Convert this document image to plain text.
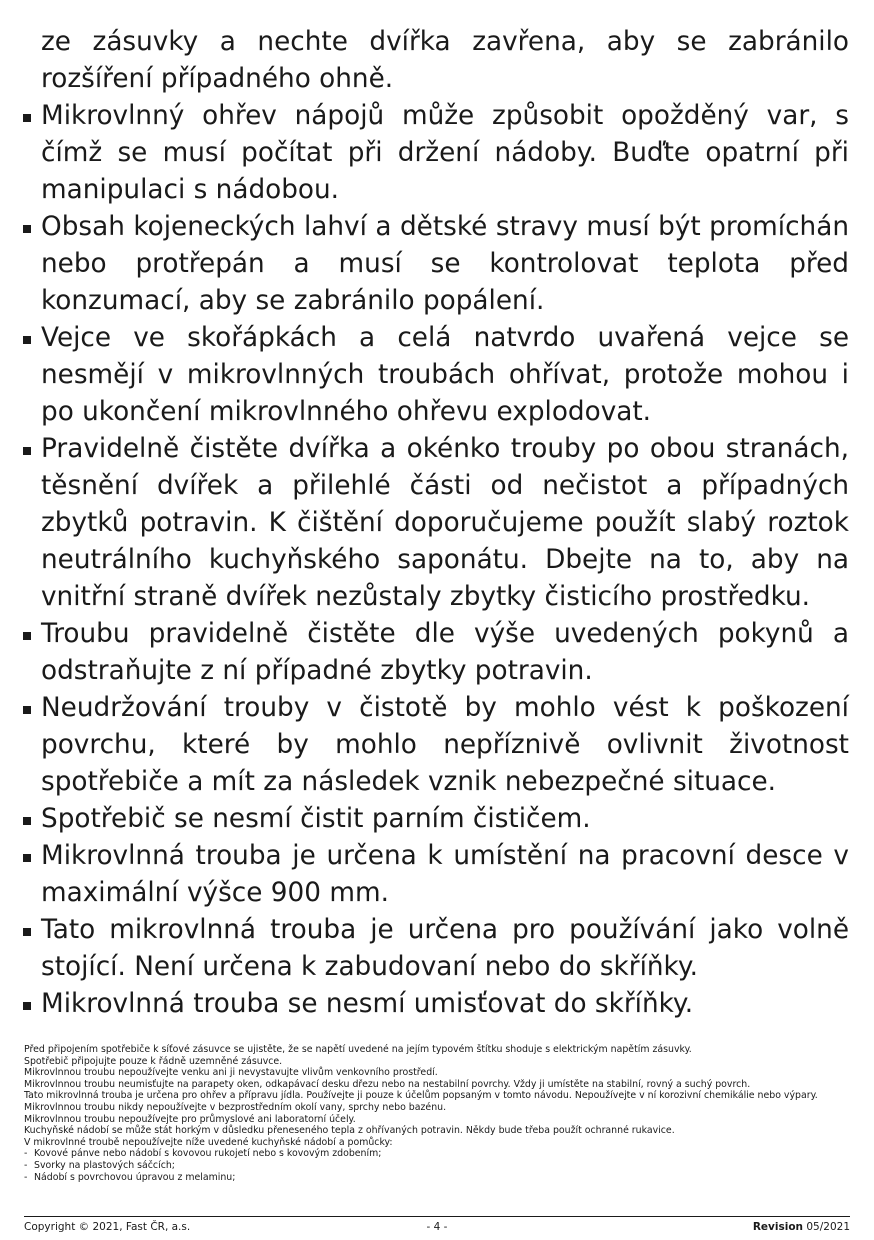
ze zásuvky a nechte dvířka zavřena, aby se zabránilo rozšíření případného ohně.

Mikrovlnný ohřev nápojů může způsobit opožděný var, s čímž se musí počítat při držení nádoby. Buďte opatrní při manipulaci s nádobou.
Obsah kojeneckých lahví a dětské stravy musí být promíchán nebo protřepán a musí se kontrolovat teplota před konzumací, aby se zabránilo popálení.
Vejce ve skořápkách a celá natvrdo uvařená vejce se nesmějí v mikrovlnných troubách ohřívat, protože mohou i po ukončení mikrovlnného ohřevu explodovat.
Pravidelně čistěte dvířka a okénko trouby po obou stranách, těsnění dvířek a přilehlé části od nečistot a případných zbytků potravin. K čištění doporučujeme použít slabý roztok neutrálního kuchyňského saponátu. Dbejte na to, aby na vnitřní straně dvířek nezůstaly zbytky čisticího prostředku.
Troubu pravidelně čistěte dle výše uvedených pokynů a odstraňujte z ní případné zbytky potravin.
Neudržování trouby v čistotě by mohlo vést k poškození povrchu, které by mohlo nepříznivě ovlivnit životnost spotřebiče a mít za následek vznik nebezpečné situace.
Spotřebič se nesmí čistit parním čističem.
Mikrovlnná trouba je určena k umístění na pracovní desce v maximální výšce 900 mm.
Tato mikrovlnná trouba je určena pro používání jako volně stojící. Není určena k zabudovaní nebo do skříňky.
Mikrovlnná trouba se nesmí umisťovat do skříňky.
Před připojením spotřebiče k síťové zásuvce se ujistěte, že se napětí uvedené na jejím typovém štítku shoduje s elektrickým napětím zásuvky.
Spotřebič připojujte pouze k řádně uzemněné zásuvce.
Mikrovlnnou troubu nepoužívejte venku ani ji nevystavujte vlivům venkovního prostředí.
Mikrovlnnou troubu neumisťujte na parapety oken, odkapávací desku dřezu nebo na nestabilní povrchy. Vždy ji umístěte na stabilní, rovný a suchý povrch.
Tato mikrovlnná trouba je určena pro ohřev a přípravu jídla. Používejte ji pouze k účelům popsaným v tomto návodu. Nepoužívejte v ní korozivní chemikálie nebo výpary.
Mikrovlnnou troubu nikdy nepoužívejte v bezprostředním okolí vany, sprchy nebo bazénu.
Mikrovlnnou troubu nepoužívejte pro průmyslové ani laboratorní účely.
Kuchyňské nádobí se může stát horkým v důsledku přeneseného tepla z ohřívaných potravin. Někdy bude třeba použít ochranné rukavice.
V mikrovlnné troubě nepoužívejte níže uvedené kuchyňské nádobí a pomůcky:
- Kovové pánve nebo nádobí s kovovou rukojetí nebo s kovovým zdobením;
- Svorky na plastových sáčcích;
- Nádobí s povrchovou úpravou z melaminu;
Copyright © 2021, Fast ČR, a.s.	- 4 -	Revision 05/2021
